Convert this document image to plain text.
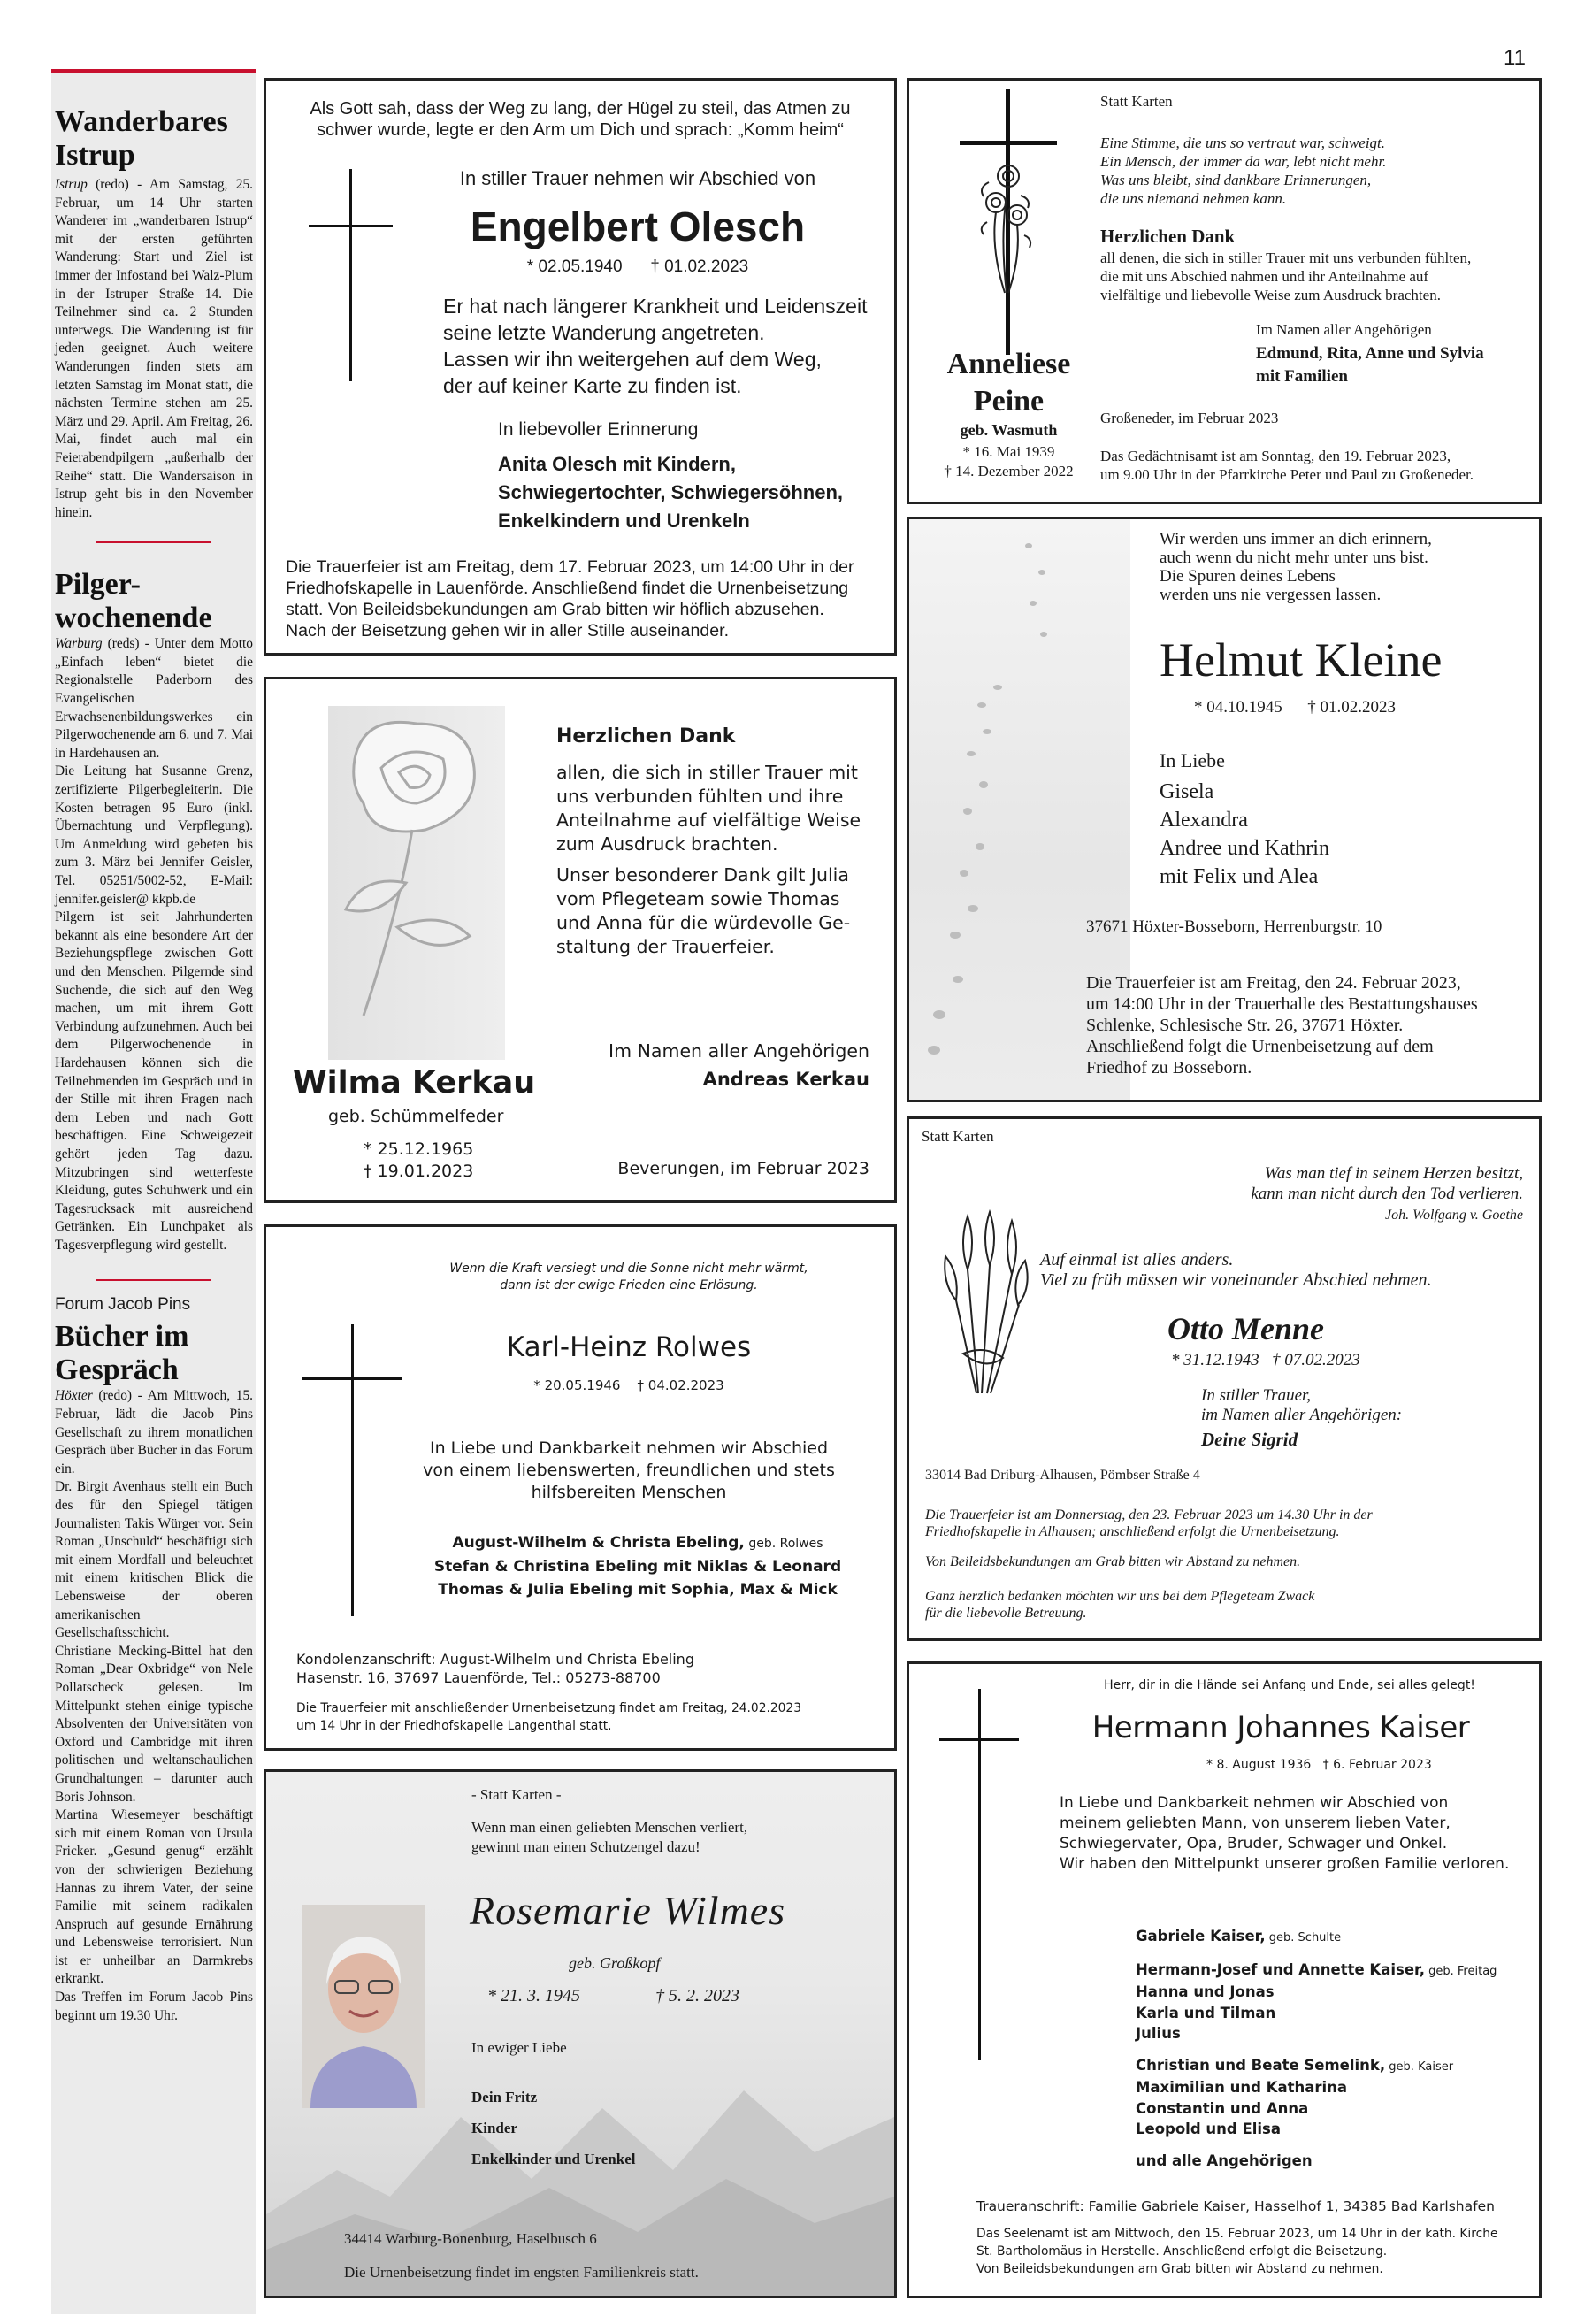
11
Wanderbares
Istrup
Istrup (redo) - Am Samstag, 25. Februar, um 14 Uhr starten Wanderer im „wanderbaren Istrup“ mit der ersten geführten Wanderung: Start und Ziel ist immer der Infostand bei Walz-Plum in der Istruper Straße 14. Die Teilnehmer sind ca. 2 Stunden unterwegs. Die Wanderung ist für jeden geeignet. Auch weitere Wanderungen finden stets am letzten Samstag im Monat statt, die nächsten Termine stehen am 25. März und 29. April. Am Freitag, 26. Mai, findet auch mal ein Feierabendpilgern „außerhalb der Reihe“ statt. Die Wandersaison in Istrup geht bis in den November hinein.
Pilger-
wochenende
Warburg (reds) - Unter dem Motto „Einfach leben“ bietet die Regionalstelle Paderborn des Evangelischen Erwachsenenbildungswerkes ein Pilgerwochenende am 6. und 7. Mai in Hardehausen an.
Die Leitung hat Susanne Grenz, zertifizierte Pilgerbegleiterin. Die Kosten betragen 95 Euro (inkl. Übernachtung und Verpflegung). Um Anmeldung wird gebeten bis zum 3. März bei Jennifer Geisler, Tel. 05251/5002-52, E-Mail: jennifer.geisler@ kkpb.de
Pilgern ist seit Jahrhunderten bekannt als eine besondere Art der Beziehungspflege zwischen Gott und den Menschen. Pilgernde sind Suchende, die sich auf den Weg machen, um mit ihrem Gott Verbindung aufzunehmen. Auch bei dem Pilgerwochenende in Hardehausen können sich die Teilnehmenden im Gespräch und in der Stille mit ihren Fragen nach dem Leben und nach Gott beschäftigen. Eine Schweigezeit gehört jeden Tag dazu. Mitzubringen sind wetterfeste Kleidung, gutes Schuhwerk und ein Tagesrucksack mit ausreichend Getränken. Ein Lunchpaket als Tagesverpflegung wird gestellt.
Forum Jacob Pins
Bücher im
Gespräch
Höxter (redo) - Am Mittwoch, 15. Februar, lädt die Jacob Pins Gesellschaft zu ihrem monatlichen Gespräch über Bücher in das Forum ein.
Dr. Birgit Avenhaus stellt ein Buch des für den Spiegel tätigen Journalisten Takis Würger vor. Sein Roman „Unschuld“ beschäftigt sich mit einem Mordfall und beleuchtet mit einem kritischen Blick die Lebensweise der oberen amerikanischen Gesellschaftsschicht.
Christiane Mecking-Bittel hat den Roman „Dear Oxbridge“ von Nele Pollatscheck gelesen. Im Mittelpunkt stehen einige typische Absolventen der Universitäten von Oxford und Cambridge mit ihren politischen und weltanschaulichen Grundhaltungen – darunter auch Boris Johnson.
Martina Wiesemeyer beschäftigt sich mit einem Roman von Ursula Fricker. „Gesund genug“ erzählt von der schwierigen Beziehung Hannas zu ihrem Vater, der seine Familie mit seinem radikalen Anspruch auf gesunde Ernährung und Lebensweise terrorisiert. Nun ist er unheilbar an Darmkrebs erkrankt.
Das Treffen im Forum Jacob Pins beginnt um 19.30 Uhr.
Als Gott sah, dass der Weg zu lang, der Hügel zu steil, das Atmen zu
schwer wurde, legte er den Arm um Dich und sprach: „Komm heim“
In stiller Trauer nehmen wir Abschied von
Engelbert Olesch
* 02.05.1940      † 01.02.2023
Er hat nach längerer Krankheit und Leidenszeit
seine letzte Wanderung angetreten.
Lassen wir ihn weitergehen auf dem Weg,
der auf keiner Karte zu finden ist.
In liebevoller Erinnerung
Anita Olesch mit Kindern,
Schwiegertochter, Schwiegersöhnen,
Enkelkindern und Urenkeln
Die Trauerfeier ist am Freitag, dem 17. Februar 2023, um 14:00 Uhr in der
Friedhofskapelle in Lauenförde. Anschließend findet die Urnenbeisetzung
statt. Von Beileidsbekundungen am Grab bitten wir höflich abzusehen.
Nach der Beisetzung gehen wir in aller Stille auseinander.
Anneliese
Peine
geb. Wasmuth
* 16. Mai 1939
† 14. Dezember 2022
Statt Karten
Eine Stimme, die uns so vertraut war, schweigt.
Ein Mensch, der immer da war, lebt nicht mehr.
Was uns bleibt, sind dankbare Erinnerungen,
die uns niemand nehmen kann.
Herzlichen Dank
all denen, die sich in stiller Trauer mit uns verbunden fühlten,
die mit uns Abschied nahmen und ihr Anteilnahme auf
vielfältige und liebevolle Weise zum Ausdruck brachten.
Im Namen aller Angehörigen
Edmund, Rita, Anne und Sylvia
mit Familien
Großeneder, im Februar 2023
Das Gedächtnisamt ist am Sonntag, den 19. Februar 2023,
um 9.00 Uhr in der Pfarrkirche Peter und Paul zu Großeneder.
Wir werden uns immer an dich erinnern,
auch wenn du nicht mehr unter uns bist.
Die Spuren deines Lebens
werden uns nie vergessen lassen.
Helmut Kleine
* 04.10.1945      † 01.02.2023
In Liebe
Gisela
Alexandra
Andree und Kathrin
mit Felix und Alea
37671 Höxter-Bosseborn, Herrenburgstr. 10
Die Trauerfeier ist am Freitag, den 24. Februar 2023,
um 14:00 Uhr in der Trauerhalle des Bestattungshauses
Schlenke, Schlesische Str. 26, 37671 Höxter.
Anschließend folgt die Urnenbeisetzung auf dem
Friedhof zu Bosseborn.
Herzlichen Dank
allen, die sich in stiller Trauer mit
uns verbunden fühlten und ihre
Anteilnahme auf vielfältige Weise
zum Ausdruck brachten.
Unser besonderer Dank gilt Julia
vom Pflegeteam sowie Thomas
und Anna für die würdevolle Ge-
staltung der Trauerfeier.
Im Namen aller Angehörigen
Andreas Kerkau
Wilma Kerkau
geb. Schümmelfeder
* 25.12.1965
† 19.01.2023	Beverungen, im Februar 2023
Statt Karten
Was man tief in seinem Herzen besitzt,
kann man nicht durch den Tod verlieren.
Joh. Wolfgang v. Goethe
Auf einmal ist alles anders.
Viel zu früh müssen wir voneinander Abschied nehmen.
Otto Menne
* 31.12.1943   † 07.02.2023
In stiller Trauer,
im Namen aller Angehörigen:
Deine Sigrid
33014 Bad Driburg-Alhausen, Pömbser Straße 4
Die Trauerfeier ist am Donnerstag, den 23. Februar 2023 um 14.30 Uhr in der
Friedhofskapelle in Alhausen; anschließend erfolgt die Urnenbeisetzung.
Von Beileidsbekundungen am Grab bitten wir Abstand zu nehmen.
Ganz herzlich bedanken möchten wir uns bei dem Pflegeteam Zwack
für die liebevolle Betreuung.
Wenn die Kraft versiegt und die Sonne nicht mehr wärmt,
dann ist der ewige Frieden eine Erlösung.
Karl-Heinz Rolwes
* 20.05.1946    † 04.02.2023
In Liebe und Dankbarkeit nehmen wir Abschied
von einem liebenswerten, freundlichen und stets
hilfsbereiten Menschen
August-Wilhelm & Christa Ebeling, geb. Rolwes
Stefan & Christina Ebeling mit Niklas & Leonard
Thomas & Julia Ebeling mit Sophia, Max & Mick
Kondolenzanschrift: August-Wilhelm und Christa Ebeling
Hasenstr. 16, 37697 Lauenförde, Tel.: 05273-88700
Die Trauerfeier mit anschließender Urnenbeisetzung findet am Freitag, 24.02.2023
um 14 Uhr in der Friedhofskapelle Langenthal statt.
Herr, dir in die Hände sei Anfang und Ende, sei alles gelegt!
Hermann Johannes Kaiser
* 8. August 1936   † 6. Februar 2023
In Liebe und Dankbarkeit nehmen wir Abschied von
meinem geliebten Mann, von unserem lieben Vater,
Schwiegervater, Opa, Bruder, Schwager und Onkel.
Wir haben den Mittelpunkt unserer großen Familie verloren.
Gabriele Kaiser, geb. Schulte
Hermann-Josef und Annette Kaiser, geb. Freitag
Hanna und Jonas
Karla und Tilman
Julius
Christian und Beate Semelink, geb. Kaiser
Maximilian und Katharina
Constantin und Anna
Leopold und Elisa
und alle Angehörigen
Traueranschrift: Familie Gabriele Kaiser, Hasselhof 1, 34385 Bad Karlshafen
Das Seelenamt ist am Mittwoch, den 15. Februar 2023, um 14 Uhr in der kath. Kirche
St. Bartholomäus in Herstelle. Anschließend erfolgt die Beisetzung.
Von Beileidsbekundungen am Grab bitten wir Abstand zu nehmen.
- Statt Karten -
Wenn man einen geliebten Menschen verliert,
gewinnt man einen Schutzengel dazu!
Rosemarie Wilmes
geb. Großkopf
* 21. 3. 1945	† 5. 2. 2023
In ewiger Liebe
Dein Fritz
Kinder
Enkelkinder und Urenkel
34414 Warburg-Bonenburg, Haselbusch 6
Die Urnenbeisetzung findet im engsten Familienkreis statt.
